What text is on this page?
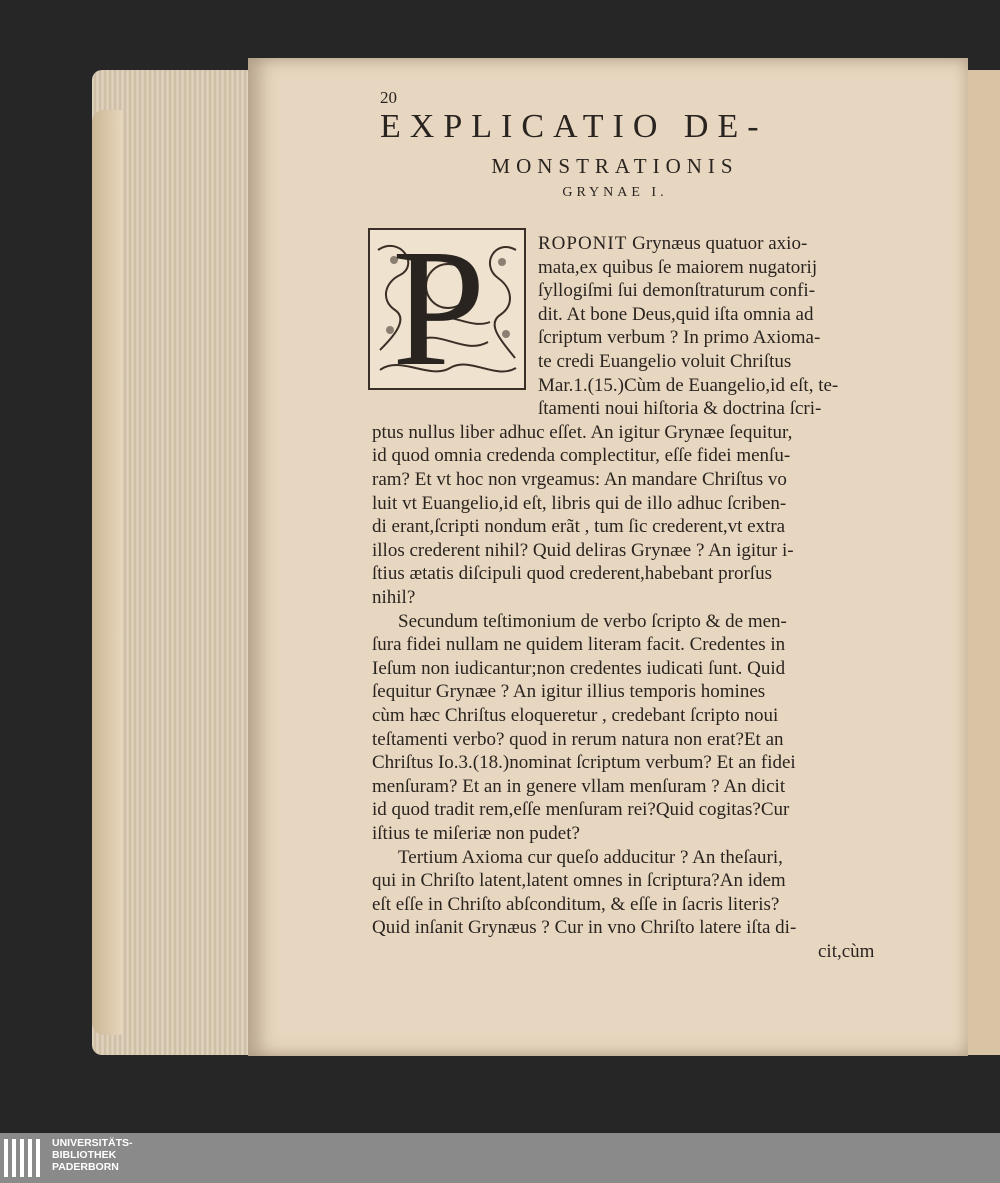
20
EXPLICATIO DE-
MONSTRATIONIS
GRYNAE I.
P	ROPONIT Grynæus quatuor axio-
mata,ex quibus ſe maiorem nugatorij
ſyllogiſmi ſui demonſtraturum confi-
dit. At bone Deus,quid iſta omnia ad
ſcriptum verbum ? In primo Axioma-
te credi Euangelio voluit Chriſtus
Mar.1.(15.)Cùm de Euangelio,id eſt, te-
ſtamenti noui hiſtoria & doctrina ſcri-
ptus nullus liber adhuc eſſet. An igitur Grynæe ſequitur,
id quod omnia credenda complectitur, eſſe fidei menſu-
ram? Et vt hoc non vrgeamus: An mandare Chriſtus vo
luit vt Euangelio,id eſt, libris qui de illo adhuc ſcriben-
di erant,ſcripti nondum erãt , tum ſic crederent,vt extra
illos crederent nihil? Quid deliras Grynæe ? An igitur i-
ſtius ætatis diſcipuli quod crederent,habebant prorſus
nihil?
Secundum teſtimonium de verbo ſcripto & de men-
ſura fidei nullam ne quidem literam facit. Credentes in
Ieſum non iudicantur;non credentes iudicati ſunt. Quid
ſequitur Grynæe ? An igitur illius temporis homines
cùm hæc Chriſtus eloqueretur , credebant ſcripto noui
teſtamenti verbo? quod in rerum natura non erat?Et an
Chriſtus Io.3.(18.)nominat ſcriptum verbum? Et an fidei
menſuram? Et an in genere vllam menſuram ? An dicit
id quod tradit rem,eſſe menſuram rei?Quid cogitas?Cur
iſtius te miſeriæ non pudet?
Tertium Axioma cur queſo adducitur ? An theſauri,
qui in Chriſto latent,latent omnes in ſcriptura?An idem
eſt eſſe in Chriſto abſconditum, & eſſe in ſacris literis?
Quid inſanit Grynæus ? Cur in vno Chriſto latere iſta di-
cit,cùm
UNIVERSITÄTS-
BIBLIOTHEK
PADERBORN
